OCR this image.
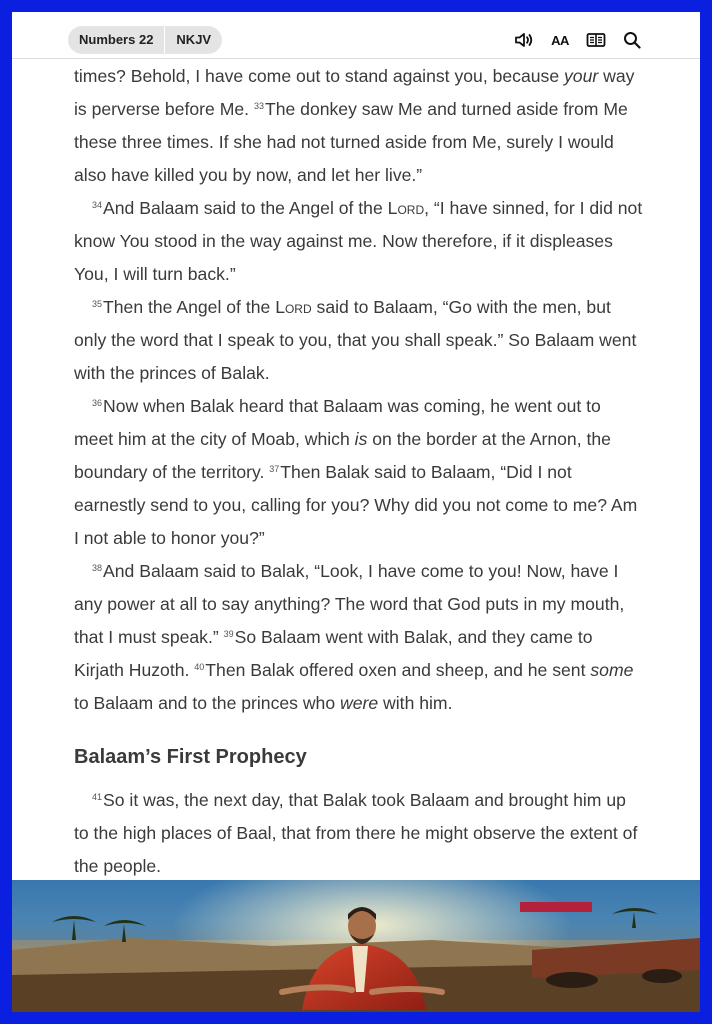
Numbers 22	NKJV	AA

times? Behold, I have come out to stand against you, because your way is perverse before Me. $^{33}$The donkey saw Me and turned aside from Me these three times. If she had not turned aside from Me, surely I would also have killed you by now, and let her live.”

$^{34}$And Balaam said to the Angel of the Lord, “I have sinned, for I did not know You stood in the way against me. Now therefore, if it displeases You, I will turn back.”

$^{35}$Then the Angel of the Lord said to Balaam, “Go with the men, but only the word that I speak to you, that you shall speak.” So Balaam went with the princes of Balak.

$^{36}$Now when Balak heard that Balaam was coming, he went out to meet him at the city of Moab, which is on the border at the Arnon, the boundary of the territory. $^{37}$Then Balak said to Balaam, “Did I not earnestly send to you, calling for you? Why did you not come to me? Am I not able to honor you?”

$^{38}$And Balaam said to Balak, “Look, I have come to you! Now, have I any power at all to say anything? The word that God puts in my mouth, that I must speak.” $^{39}$So Balaam went with Balak, and they came to Kirjath Huzoth. $^{40}$Then Balak offered oxen and sheep, and he sent some to Balaam and to the princes who were with him.

Balaam’s First Prophecy

$^{41}$So it was, the next day, that Balak took Balaam and brought him up to the high places of Baal, that from there he might observe the extent of the people.
